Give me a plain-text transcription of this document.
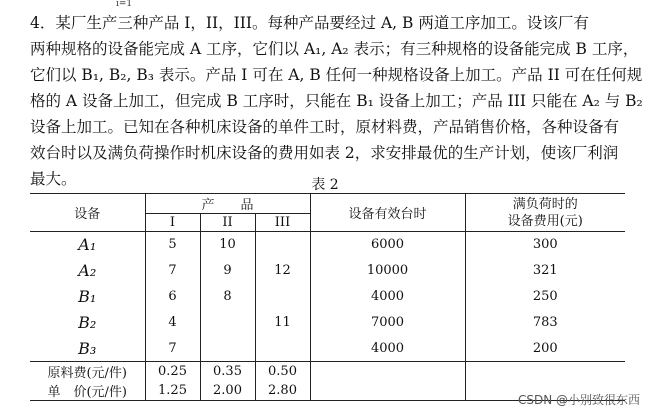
i=1
4．某厂生产三种产品 I，II，III。每种产品要经过 A, B 两道工序加工。设该厂有
两种规格的设备能完成 A 工序，它们以 A₁, A₂ 表示；有三种规格的设备能完成 B 工序，
它们以 B₁, B₂, B₃ 表示。产品 I 可在 A, B 任何一种规格设备上加工。产品 II 可在任何规
格的 A 设备上加工，但完成 B 工序时，只能在 B₁ 设备上加工；产品 III 只能在 A₂ 与 B₂
设备上加工。已知在各种机床设备的单件工时，原材料费，产品销售价格，各种设备有
效台时以及满负荷操作时机床设备的费用如表 2，求安排最优的生产计划，使该厂利润
最大。	表 2
设备	产　　品			设备有效台时	满负荷时的
设备费用(元)
	I	II	III		
A₁	5	10		6000	300
A₂	7	9	12	10000	321
B₁	6	8		4000	250
B₂	4		11	7000	783
B₃	7			4000	200
原料费(元/件)	0.25	0.35	0.50		
单　价(元/件)	1.25	2.00	2.80		
CSDN @小别致很东西
